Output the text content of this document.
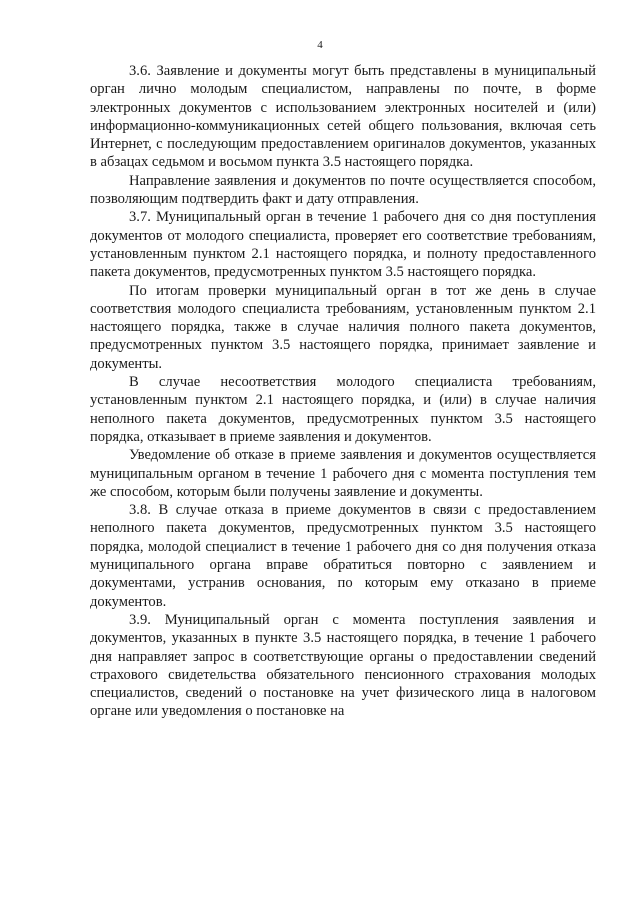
4

3.6. Заявление и документы могут быть представлены в муниципальный орган лично молодым специалистом, направлены по почте, в форме электронных документов с использованием электронных носителей и (или) информационно-коммуникационных сетей общего пользования, включая сеть Интернет, с последующим предоставлением оригиналов документов, указанных в абзацах седьмом и восьмом пункта 3.5 настоящего порядка.

Направление заявления и документов по почте осуществляется способом, позволяющим подтвердить факт и дату отправления.

3.7. Муниципальный орган в течение 1 рабочего дня со дня поступления документов от молодого специалиста, проверяет его соответствие требованиям, установленным пунктом 2.1 настоящего порядка, и полноту предоставленного пакета документов, предусмотренных пунктом 3.5 настоящего порядка.

По итогам проверки муниципальный орган в тот же день в случае соответствия молодого специалиста требованиям, установленным пунктом 2.1 настоящего порядка, также в случае наличия полного пакета документов, предусмотренных пунктом 3.5 настоящего порядка, принимает заявление и документы.

В случае несоответствия молодого специалиста требованиям, установленным пунктом 2.1 настоящего порядка, и (или) в случае наличия неполного пакета документов, предусмотренных пунктом 3.5 настоящего порядка, отказывает в приеме заявления и документов.

Уведомление об отказе в приеме заявления и документов осуществляется муниципальным органом в течение 1 рабочего дня с момента поступления тем же способом, которым были получены заявление и документы.

3.8. В случае отказа в приеме документов в связи с предоставлением неполного пакета документов, предусмотренных пунктом 3.5 настоящего порядка, молодой специалист в течение 1 рабочего дня со дня получения отказа муниципального органа вправе обратиться повторно с заявлением и документами, устранив основания, по которым ему отказано в приеме документов.

3.9. Муниципальный орган с момента поступления заявления и документов, указанных в пункте 3.5 настоящего порядка, в течение 1 рабочего дня направляет запрос в соответствующие органы о предоставлении сведений страхового свидетельства обязательного пенсионного страхования молодых специалистов, сведений о постановке на учет физического лица в налоговом органе или уведомления о постановке на
